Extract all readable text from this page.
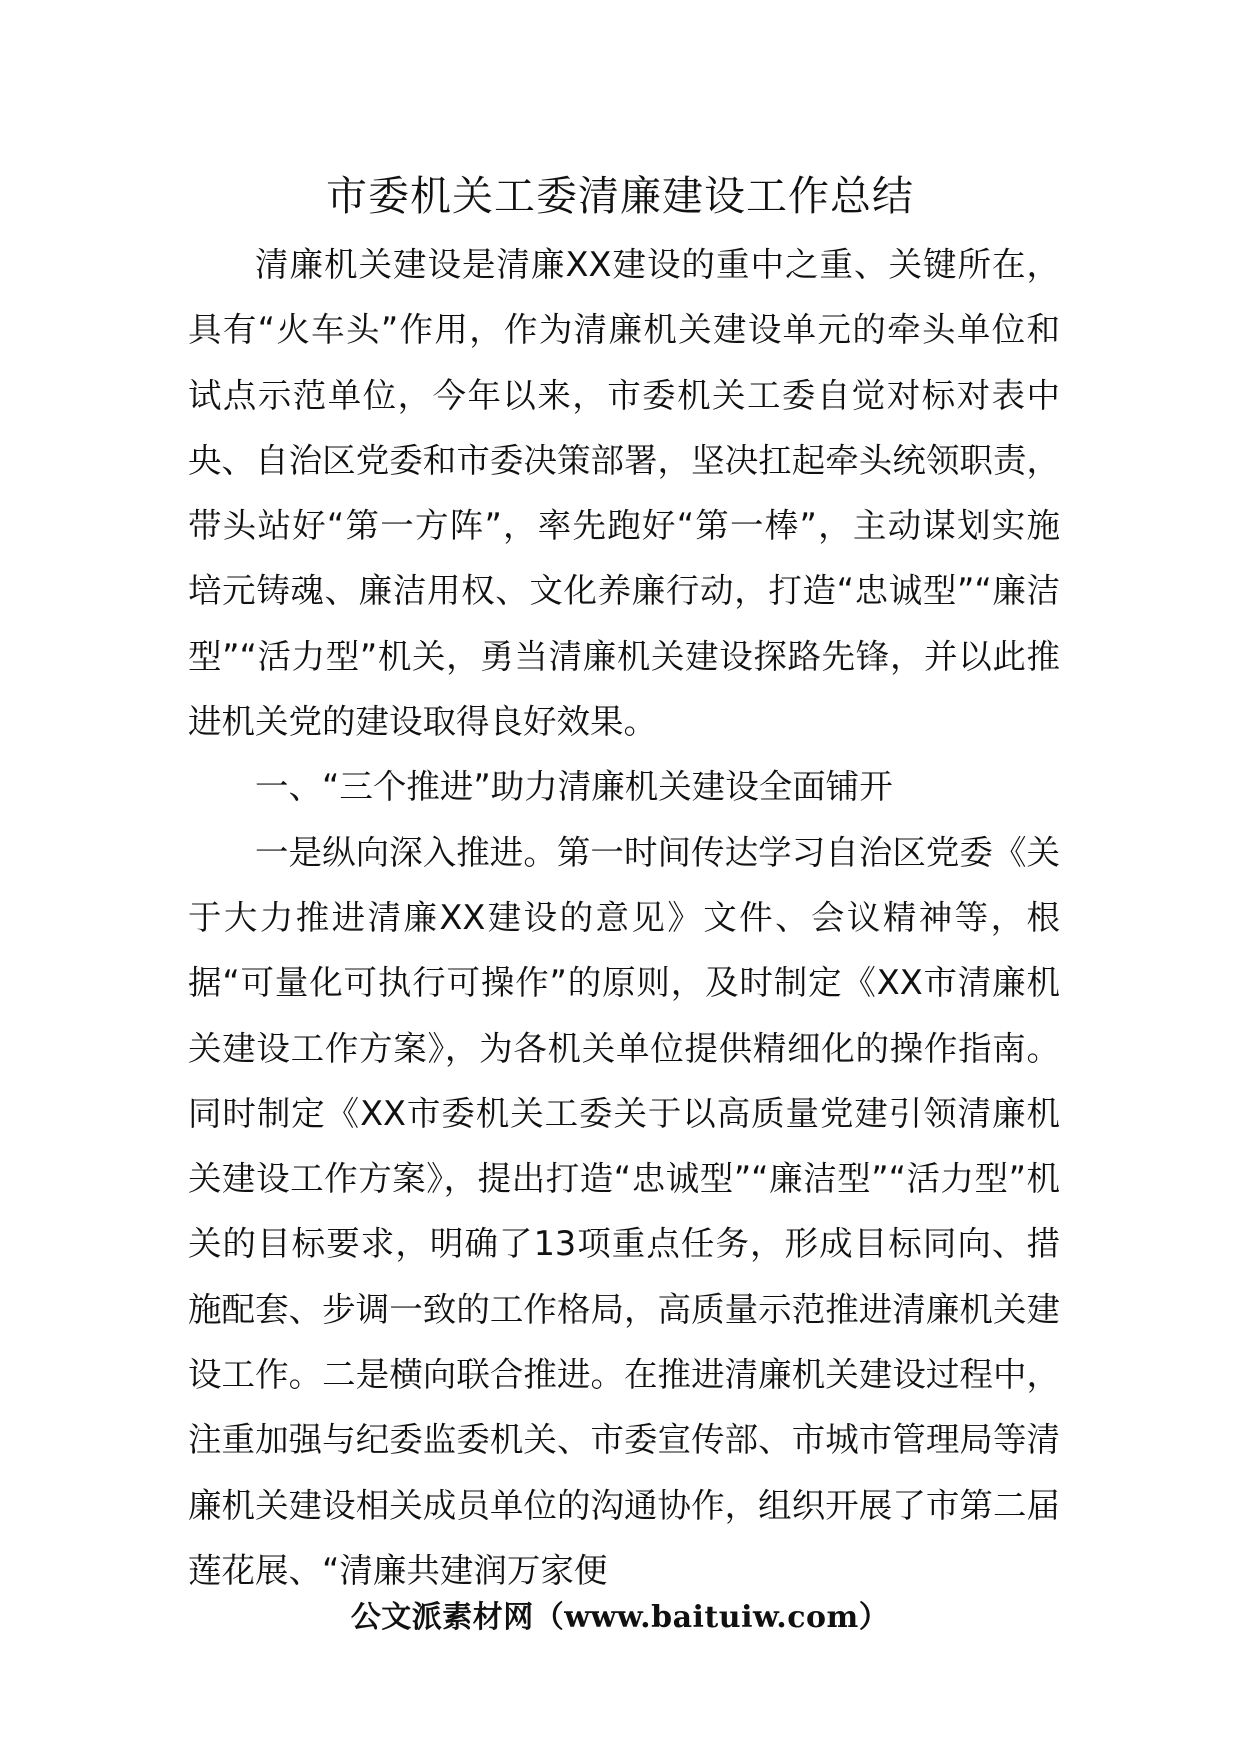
市委机关工委清廉建设工作总结

清廉机关建设是清廉XX建设的重中之重、关键所在，具有“火车头”作用，作为清廉机关建设单元的牵头单位和试点示范单位，今年以来，市委机关工委自觉对标对表中央、自治区党委和市委决策部署，坚决扛起牵头统领职责，带头站好“第一方阵”，率先跑好“第一棒”，主动谋划实施培元铸魂、廉洁用权、文化养廉行动，打造“忠诚型”“廉洁型”“活力型”机关，勇当清廉机关建设探路先锋，并以此推进机关党的建设取得良好效果。

一、“三个推进”助力清廉机关建设全面铺开

一是纵向深入推进。第一时间传达学习自治区党委《关于大力推进清廉XX建设的意见》文件、会议精神等，根据“可量化可执行可操作”的原则，及时制定《XX市清廉机关建设工作方案》，为各机关单位提供精细化的操作指南。同时制定《XX市委机关工委关于以高质量党建引领清廉机关建设工作方案》，提出打造“忠诚型”“廉洁型”“活力型”机关的目标要求，明确了13项重点任务，形成目标同向、措施配套、步调一致的工作格局，高质量示范推进清廉机关建设工作。二是横向联合推进。在推进清廉机关建设过程中，注重加强与纪委监委机关、市委宣传部、市城市管理局等清廉机关建设相关成员单位的沟通协作，组织开展了市第二届莲花展、“清廉共建润万家便

公文派素材网（www.baituiw.com）
